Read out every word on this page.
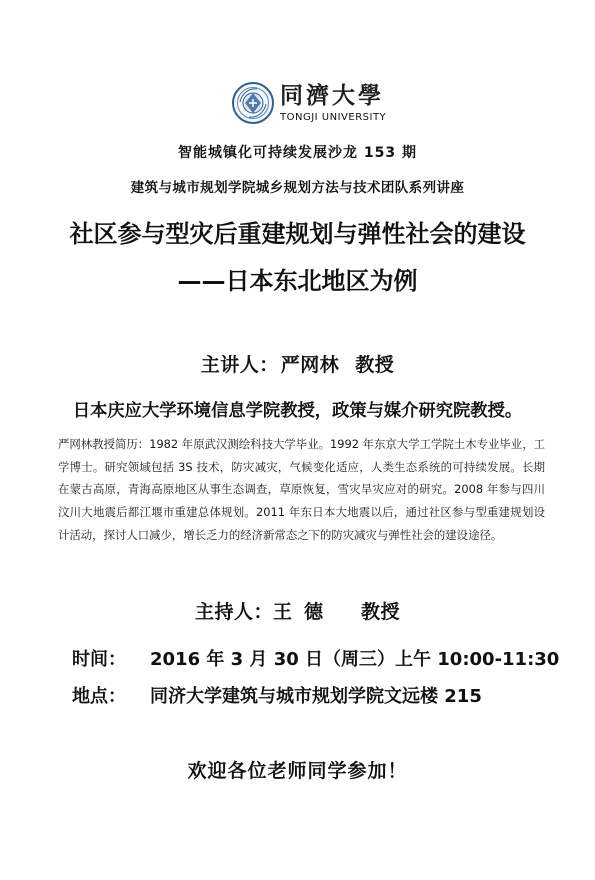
同濟大學
TONGJI UNIVERSITY
智能城镇化可持续发展沙龙 153 期
建筑与城市规划学院城乡规划方法与技术团队系列讲座
社区参与型灾后重建规划与弹性社会的建设
——日本东北地区为例
主讲人： 严网林 教授
日本庆应大学环境信息学院教授，政策与媒介研究院教授。
严网林教授简历：1982 年原武汉测绘科技大学毕业。1992 年东京大学工学院土木专业毕业，工学博士。研究领域包括 3S 技术，防灾减灾，气候变化适应，人类生态系统的可持续发展。长期在蒙古高原，青海高原地区从事生态调查，草原恢复，雪灾旱灾应对的研究。2008 年参与四川汶川大地震后都江堰市重建总体规划。2011 年东日本大地震以后，通过社区参与型重建规划设计活动，探讨人口减少，增长乏力的经济新常态之下的防灾减灾与弹性社会的建设途径。
主持人：王德 教授
时间： 2016 年 3 月 30 日（周三）上午 10:00-11:30
地点： 同济大学建筑与城市规划学院文远楼 215
欢迎各位老师同学参加！
